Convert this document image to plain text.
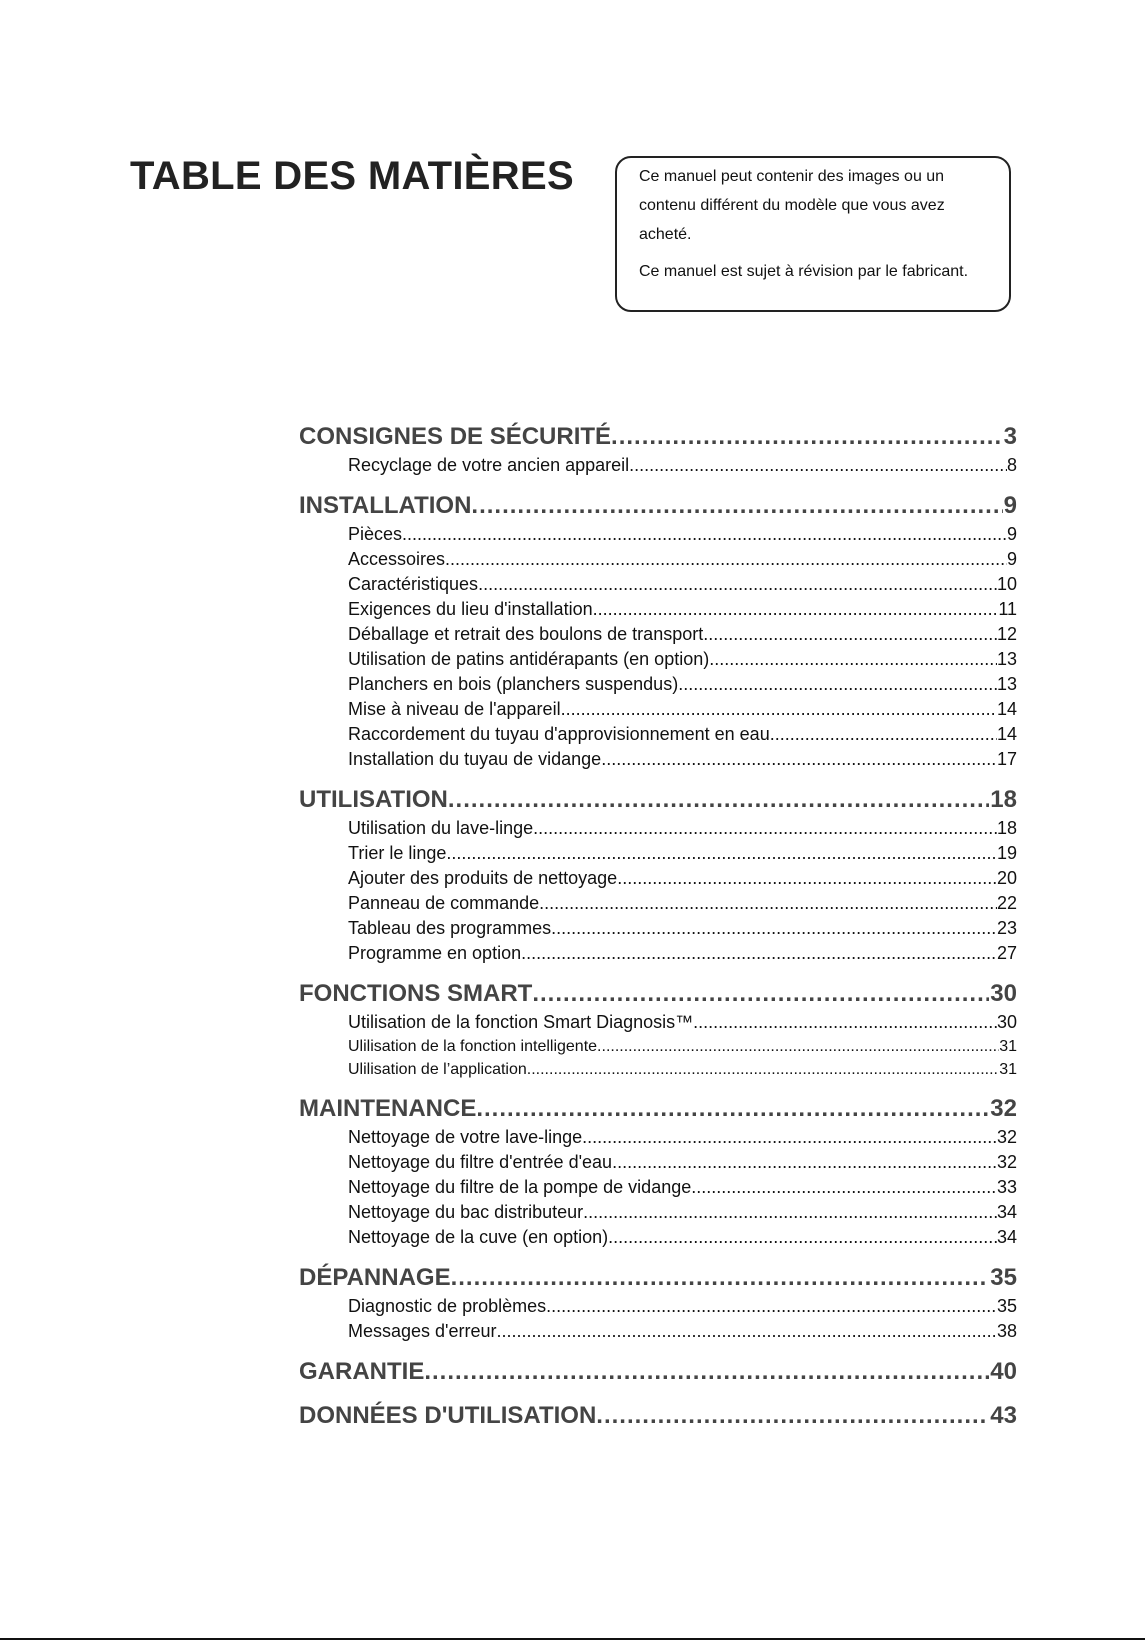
TABLE DES MATIÈRES	Ce manuel peut contenir des images ou un contenu différent du modèle que vous avez acheté.

Ce manuel est sujet à révision par le fabricant.

CONSIGNES DE SÉCURITÉ .....	3
Recyclage de votre ancien appareil .....	8
INSTALLATION .....	9
Pièces .....	9
Accessoires .....	9
Caractéristiques .....	10
Exigences du lieu d'installation .....	11
Déballage et retrait des boulons de transport .....	12
Utilisation de patins antidérapants (en option) .....	13
Planchers en bois (planchers suspendus) .....	13
Mise à niveau de l'appareil .....	14
Raccordement du tuyau d'approvisionnement en eau .....	14
Installation du tuyau de vidange .....	17
UTILISATION .....	18
Utilisation du lave-linge .....	18
Trier le linge .....	19
Ajouter des produits de nettoyage .....	20
Panneau de commande .....	22
Tableau des programmes .....	23
Programme en option .....	27
FONCTIONS SMART .....	30
Utilisation de la fonction Smart Diagnosis™ .....	30
Ulilisation de la fonction intelligente .....	31
Ulilisation de l’application .....	31
MAINTENANCE .....	32
Nettoyage de votre lave-linge .....	32
Nettoyage du filtre d'entrée d'eau .....	32
Nettoyage du filtre de la pompe de vidange .....	33
Nettoyage du bac distributeur .....	34
Nettoyage de la cuve (en option) .....	34
DÉPANNAGE .....	35
Diagnostic de problèmes .....	35
Messages d'erreur .....	38
GARANTIE .....	40
DONNÉES D'UTILISATION .....	43
